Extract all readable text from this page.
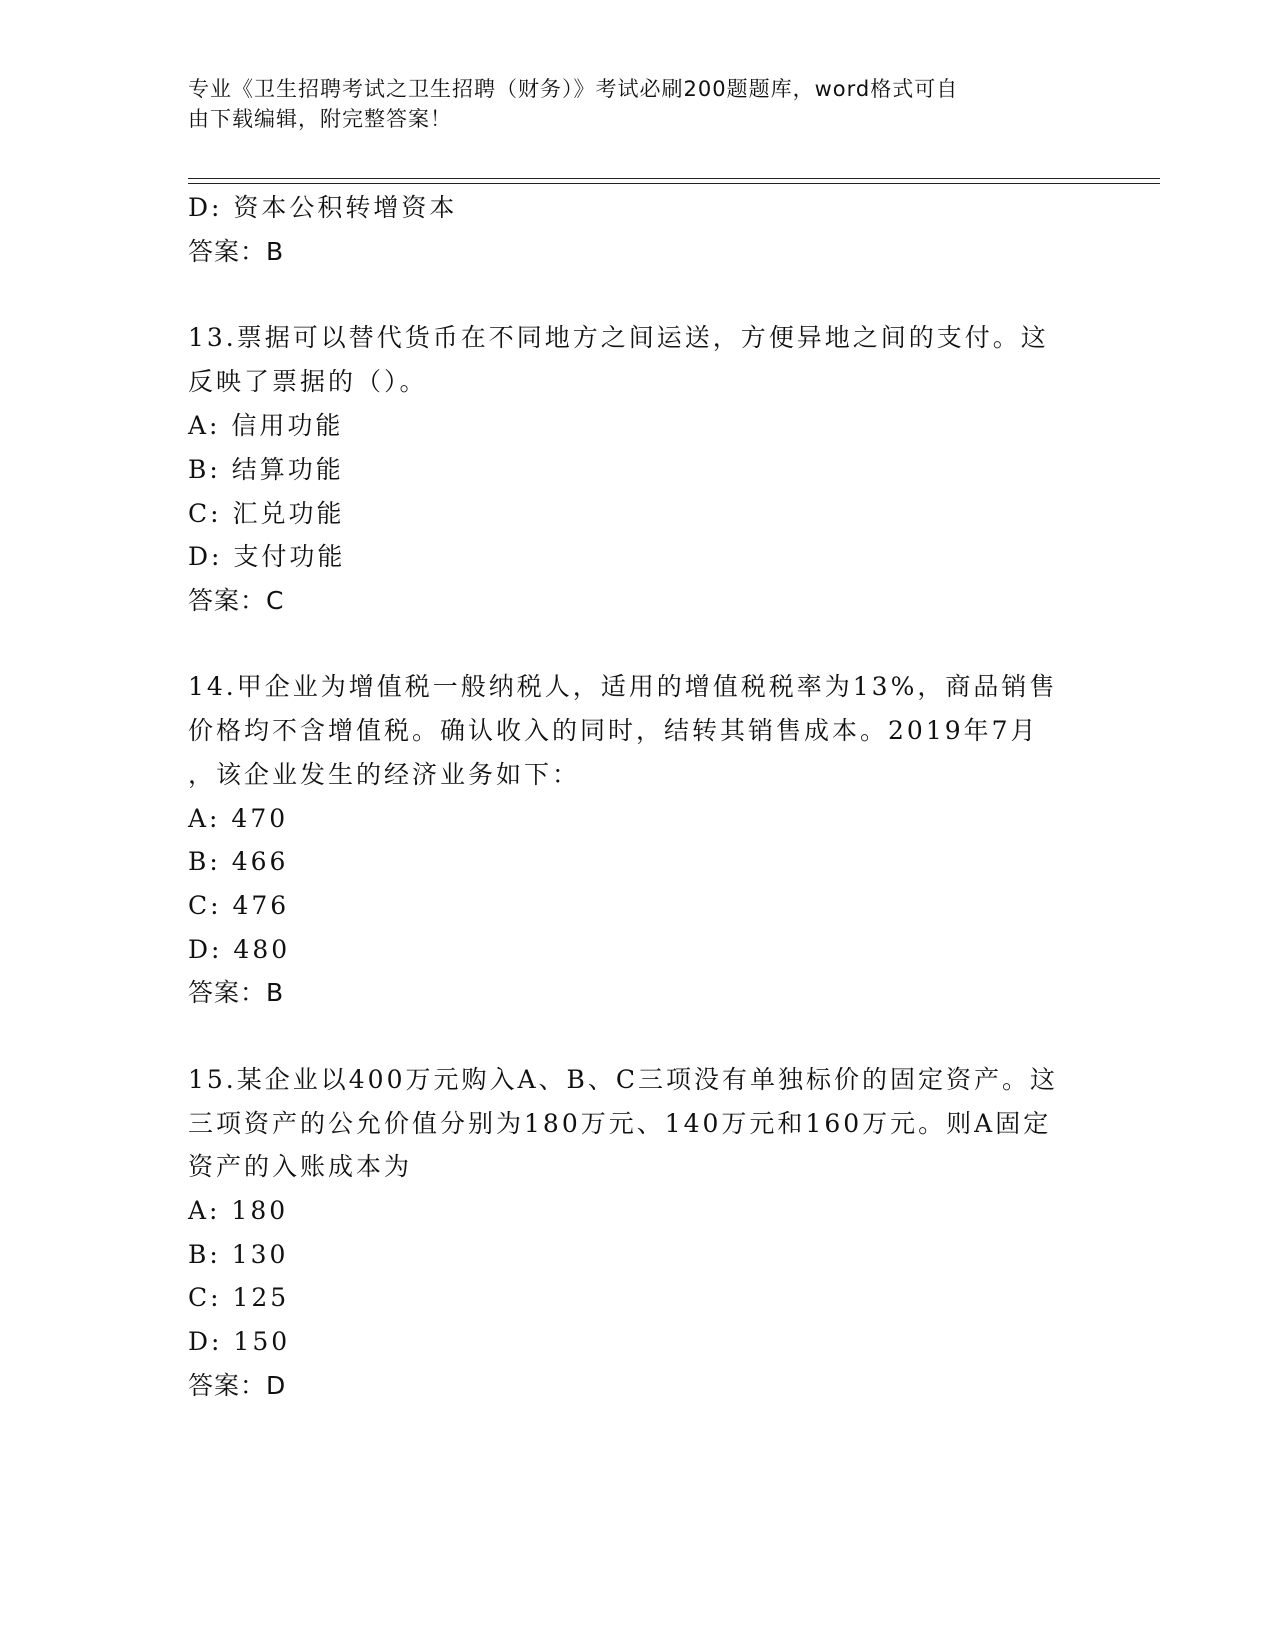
专业《卫生招聘考试之卫生招聘（财务）》考试必刷200题题库，word格式可自
由下载编辑，附完整答案！
D: 资本公积转增资本
答案：B
13.票据可以替代货币在不同地方之间运送，方便异地之间的支付。这
反映了票据的（）。
A: 信用功能
B: 结算功能
C: 汇兑功能
D: 支付功能
答案：C
14.甲企业为增值税一般纳税人，适用的增值税税率为13%，商品销售
价格均不含增值税。确认收入的同时，结转其销售成本。2019年7月
，该企业发生的经济业务如下：
A: 470
B: 466
C: 476
D: 480
答案：B
15.某企业以400万元购入A、B、C三项没有单独标价的固定资产。这
三项资产的公允价值分别为180万元、140万元和160万元。则A固定
资产的入账成本为
A: 180
B: 130
C: 125
D: 150
答案：D
